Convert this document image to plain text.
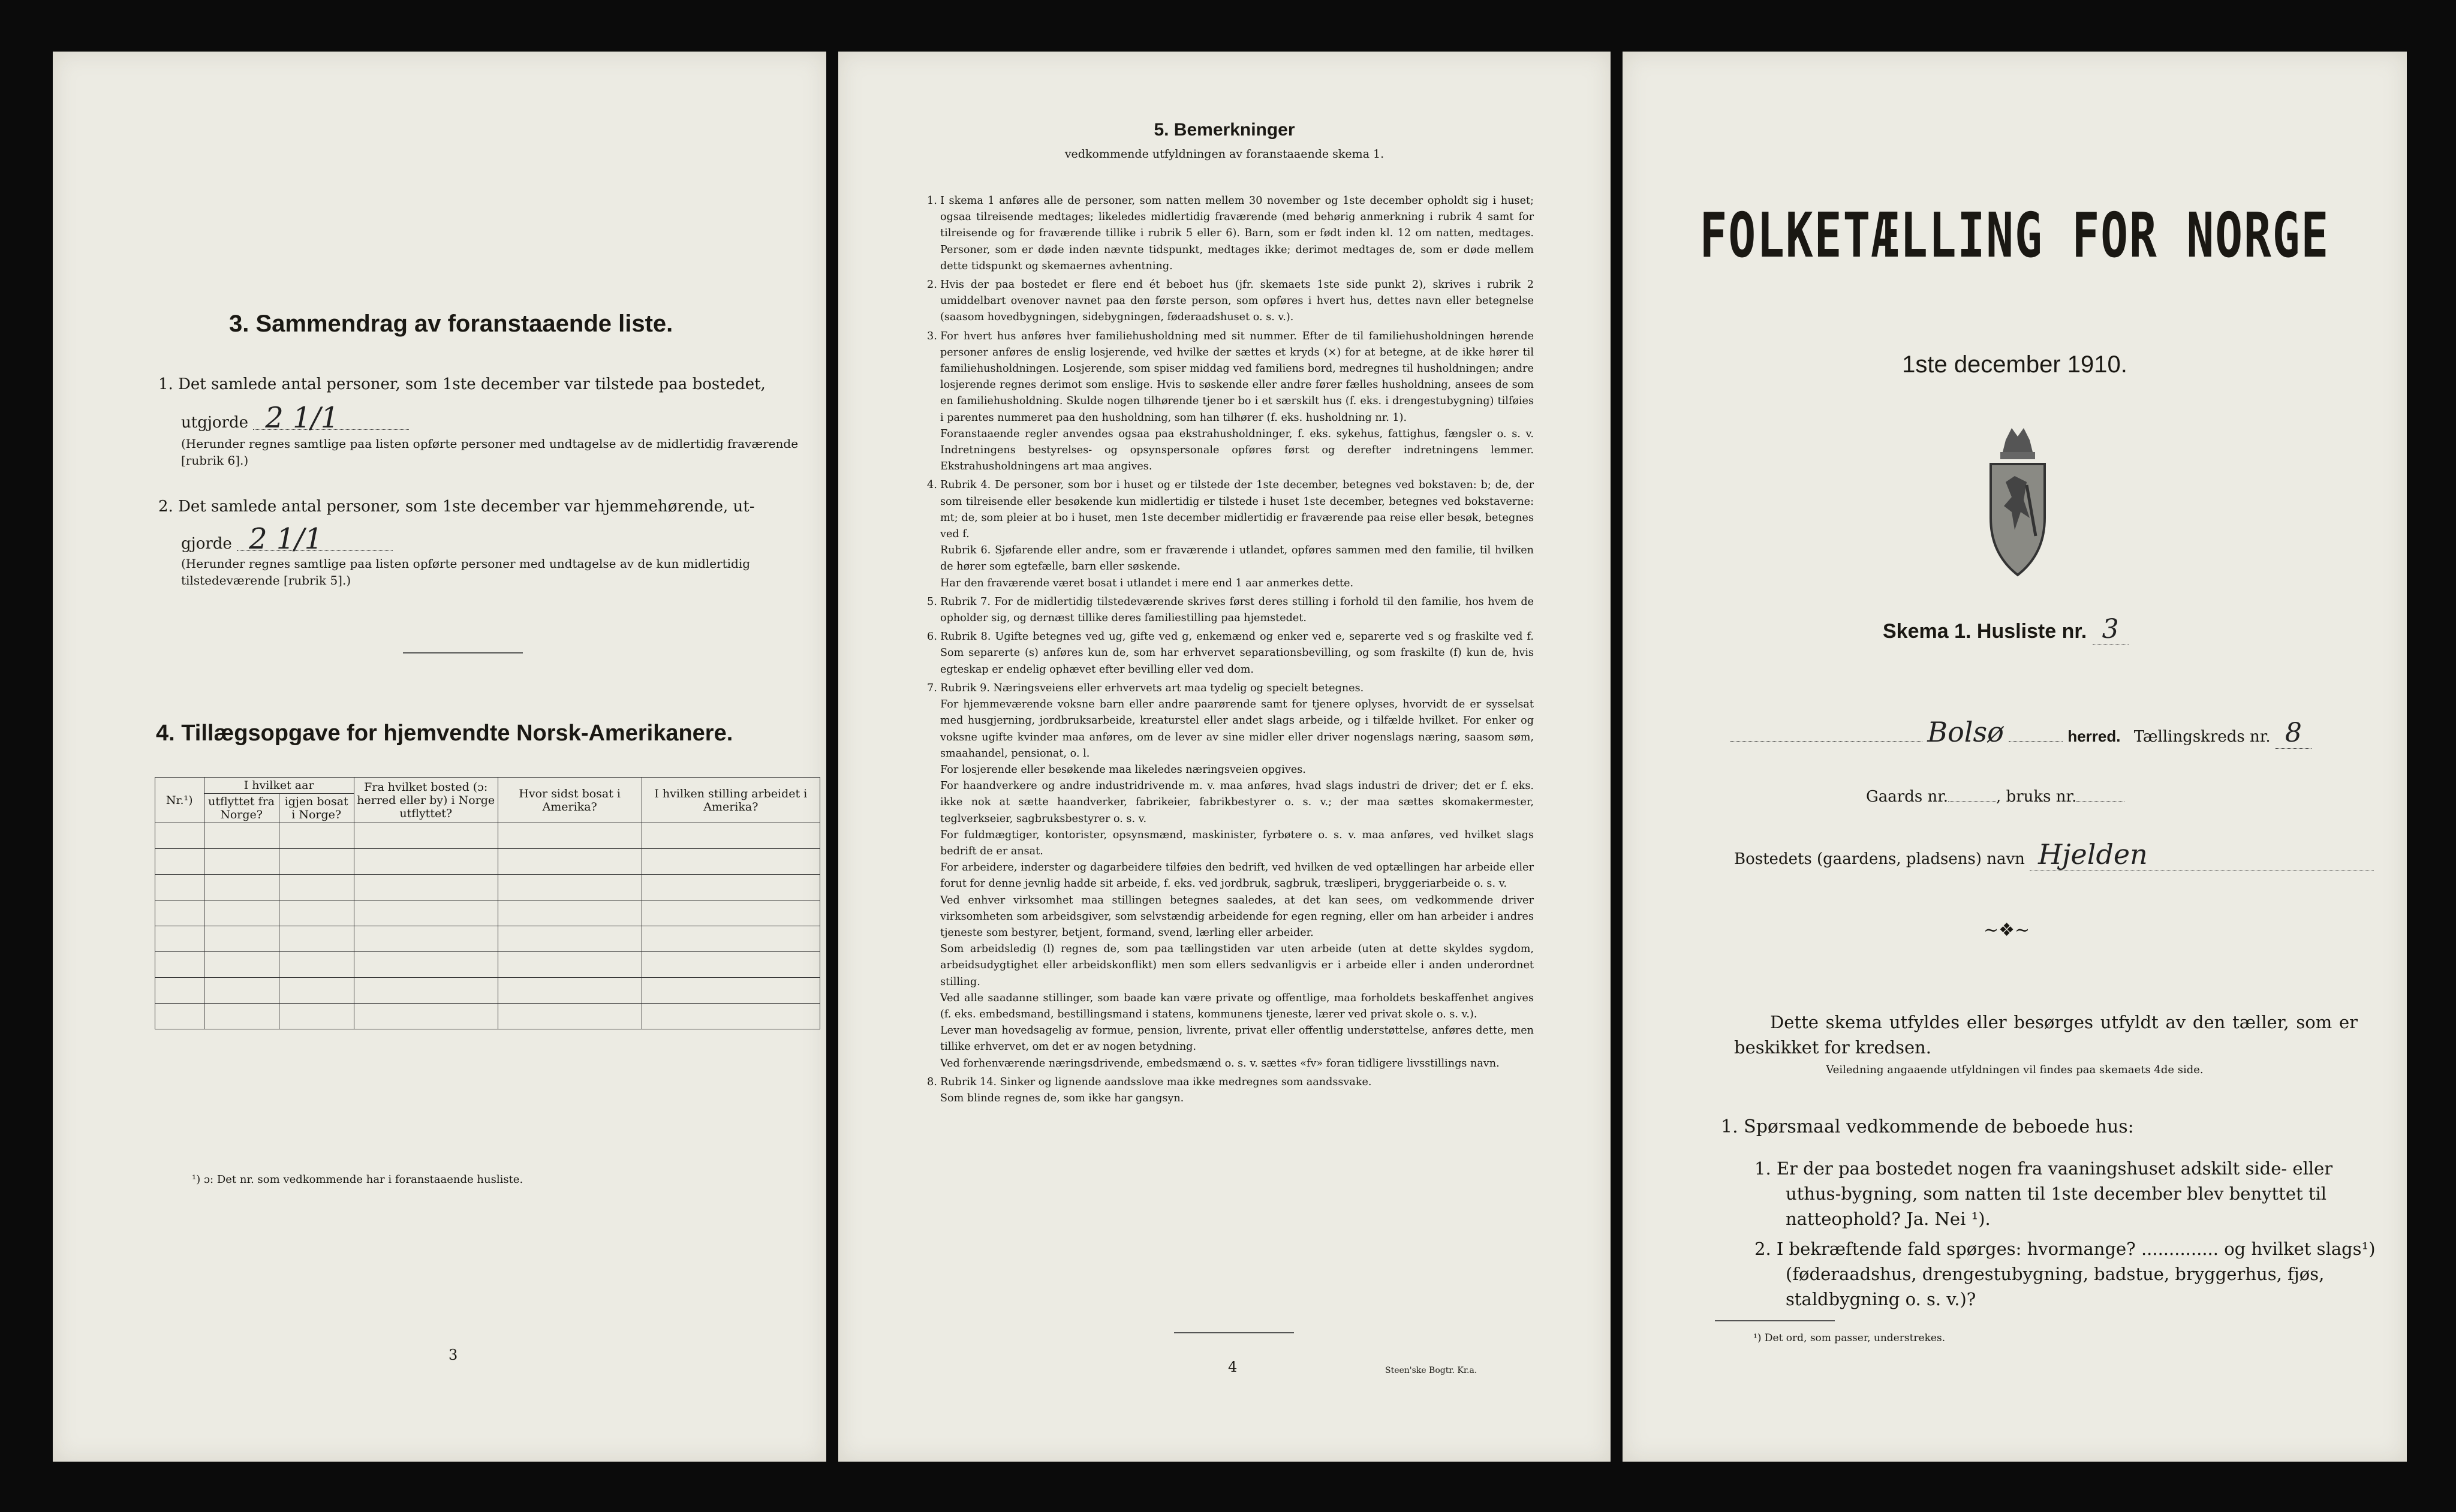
3. Sammendrag av foranstaaende liste.
1. Det samlede antal personer, som 1ste december var tilstede paa bostedet,
utgjorde 2 1/1
(Herunder regnes samtlige paa listen opførte personer med undtagelse av de midlertidig fraværende [rubrik 6].)
2. Det samlede antal personer, som 1ste december var hjemmehørende, ut-
gjorde 2 1/1
(Herunder regnes samtlige paa listen opførte personer med undtagelse av de kun midlertidig tilstedeværende [rubrik 5].)
4. Tillægsopgave for hjemvendte Norsk-Amerikanere.
Nr.¹)	I hvilket aar		Fra hvilket bosted (ɔ: herred eller by) i Norge utflyttet?	Hvor sidst bosat i Amerika?	I hvilken stilling arbeidet i Amerika?
	utflyttet fra Norge?	igjen bosat i Norge?			

¹) ɔ: Det nr. som vedkommende har i foranstaaende husliste.
3
5. Bemerkninger
vedkommende utfyldningen av foranstaaende skema 1.
1. I skema 1 anføres alle de personer, som natten mellem 30 november og 1ste december opholdt sig i huset; ogsaa tilreisende medtages; likeledes midlertidig fraværende (med behørig anmerkning i rubrik 4 samt for tilreisende og for fraværende tillike i rubrik 5 eller 6). Barn, som er født inden kl. 12 om natten, medtages. Personer, som er døde inden nævnte tidspunkt, medtages ikke; derimot medtages de, som er døde mellem dette tidspunkt og skemaernes avhentning.

2. Hvis der paa bostedet er flere end ét beboet hus (jfr. skemaets 1ste side punkt 2), skrives i rubrik 2 umiddelbart ovenover navnet paa den første person, som opføres i hvert hus, dettes navn eller betegnelse (saasom hovedbygningen, sidebygningen, føderaadshuset o. s. v.).

3. For hvert hus anføres hver familiehusholdning med sit nummer. Efter de til familiehusholdningen hørende personer anføres de enslig losjerende, ved hvilke der sættes et kryds (×) for at betegne, at de ikke hører til familiehusholdningen. Losjerende, som spiser middag ved familiens bord, medregnes til husholdningen; andre losjerende regnes derimot som enslige. Hvis to søskende eller andre fører fælles husholdning, ansees de som en familiehusholdning. Skulde nogen tilhørende tjener bo i et særskilt hus (f. eks. i drengestubygning) tilføies i parentes nummeret paa den husholdning, som han tilhører (f. eks. husholdning nr. 1).
Foranstaaende regler anvendes ogsaa paa ekstrahusholdninger, f. eks. sykehus, fattighus, fængsler o. s. v. Indretningens bestyrelses- og opsynspersonale opføres først og derefter indretningens lemmer. Ekstrahusholdningens art maa angives.

4. Rubrik 4. De personer, som bor i huset og er tilstede der 1ste december, betegnes ved bokstaven: b; de, der som tilreisende eller besøkende kun midlertidig er tilstede i huset 1ste december, betegnes ved bokstaverne: mt; de, som pleier at bo i huset, men 1ste december midlertidig er fraværende paa reise eller besøk, betegnes ved f.
Rubrik 6. Sjøfarende eller andre, som er fraværende i utlandet, opføres sammen med den familie, til hvilken de hører som egtefælle, barn eller søskende.
Har den fraværende været bosat i utlandet i mere end 1 aar anmerkes dette.

5. Rubrik 7. For de midlertidig tilstedeværende skrives først deres stilling i forhold til den familie, hos hvem de opholder sig, og dernæst tillike deres familiestilling paa hjemstedet.

6. Rubrik 8. Ugifte betegnes ved ug, gifte ved g, enkemænd og enker ved e, separerte ved s og fraskilte ved f. Som separerte (s) anføres kun de, som har erhvervet separationsbevilling, og som fraskilte (f) kun de, hvis egteskap er endelig ophævet efter bevilling eller ved dom.

7. Rubrik 9. Næringsveiens eller erhvervets art maa tydelig og specielt betegnes.
For hjemmeværende voksne barn eller andre paarørende samt for tjenere oplyses, hvorvidt de er sysselsat med husgjerning, jordbruksarbeide, kreaturstel eller andet slags arbeide, og i tilfælde hvilket. For enker og voksne ugifte kvinder maa anføres, om de lever av sine midler eller driver nogenslags næring, saasom søm, smaahandel, pensionat, o. l.
For losjerende eller besøkende maa likeledes næringsveien opgives.
For haandverkere og andre industridrivende m. v. maa anføres, hvad slags industri de driver; det er f. eks. ikke nok at sætte haandverker, fabrikeier, fabrikbestyrer o. s. v.; der maa sættes skomakermester, teglverkseier, sagbruksbestyrer o. s. v.
For fuldmægtiger, kontorister, opsynsmænd, maskinister, fyrbøtere o. s. v. maa anføres, ved hvilket slags bedrift de er ansat.
For arbeidere, inderster og dagarbeidere tilføies den bedrift, ved hvilken de ved optællingen har arbeide eller forut for denne jevnlig hadde sit arbeide, f. eks. ved jordbruk, sagbruk, træsliperi, bryggeriarbeide o. s. v.
Ved enhver virksomhet maa stillingen betegnes saaledes, at det kan sees, om vedkommende driver virksomheten som arbeidsgiver, som selvstændig arbeidende for egen regning, eller om han arbeider i andres tjeneste som bestyrer, betjent, formand, svend, lærling eller arbeider.
Som arbeidsledig (l) regnes de, som paa tællingstiden var uten arbeide (uten at dette skyldes sygdom, arbeidsudygtighet eller arbeidskonflikt) men som ellers sedvanligvis er i arbeide eller i anden underordnet stilling.
Ved alle saadanne stillinger, som baade kan være private og offentlige, maa forholdets beskaffenhet angives (f. eks. embedsmand, bestillingsmand i statens, kommunens tjeneste, lærer ved privat skole o. s. v.).
Lever man hovedsagelig av formue, pension, livrente, privat eller offentlig understøttelse, anføres dette, men tillike erhvervet, om det er av nogen betydning.
Ved forhenværende næringsdrivende, embedsmænd o. s. v. sættes «fv» foran tidligere livsstillings navn.

8. Rubrik 14. Sinker og lignende aandsslove maa ikke medregnes som aandssvake.
Som blinde regnes de, som ikke har gangsyn.

4	Steen'ske Bogtr. Kr.a.
FOLKETÆLLING FOR NORGE
1ste december 1910.
Skema 1. Husliste nr. 3
Bolsø	herred. Tællingskreds nr. 8
Gaards nr.	, bruks nr.
Bostedets (gaardens, pladsens) navn Hjelden
~❖~
Dette skema utfyldes eller besørges utfyldt av den tæller, som er beskikket for kredsen.
Veiledning angaaende utfyldningen vil findes paa skemaets 4de side.
1. Spørsmaal vedkommende de beboede hus:
1. Er der paa bostedet nogen fra vaaningshuset adskilt side- eller uthus-bygning, som natten til 1ste december blev benyttet til natteophold? Ja. Nei ¹).
2. I bekræftende fald spørges: hvormange? .............. og hvilket slags¹) (føderaadshus, drengestubygning, badstue, bryggerhus, fjøs, staldbygning o. s. v.)?
¹) Det ord, som passer, understrekes.
